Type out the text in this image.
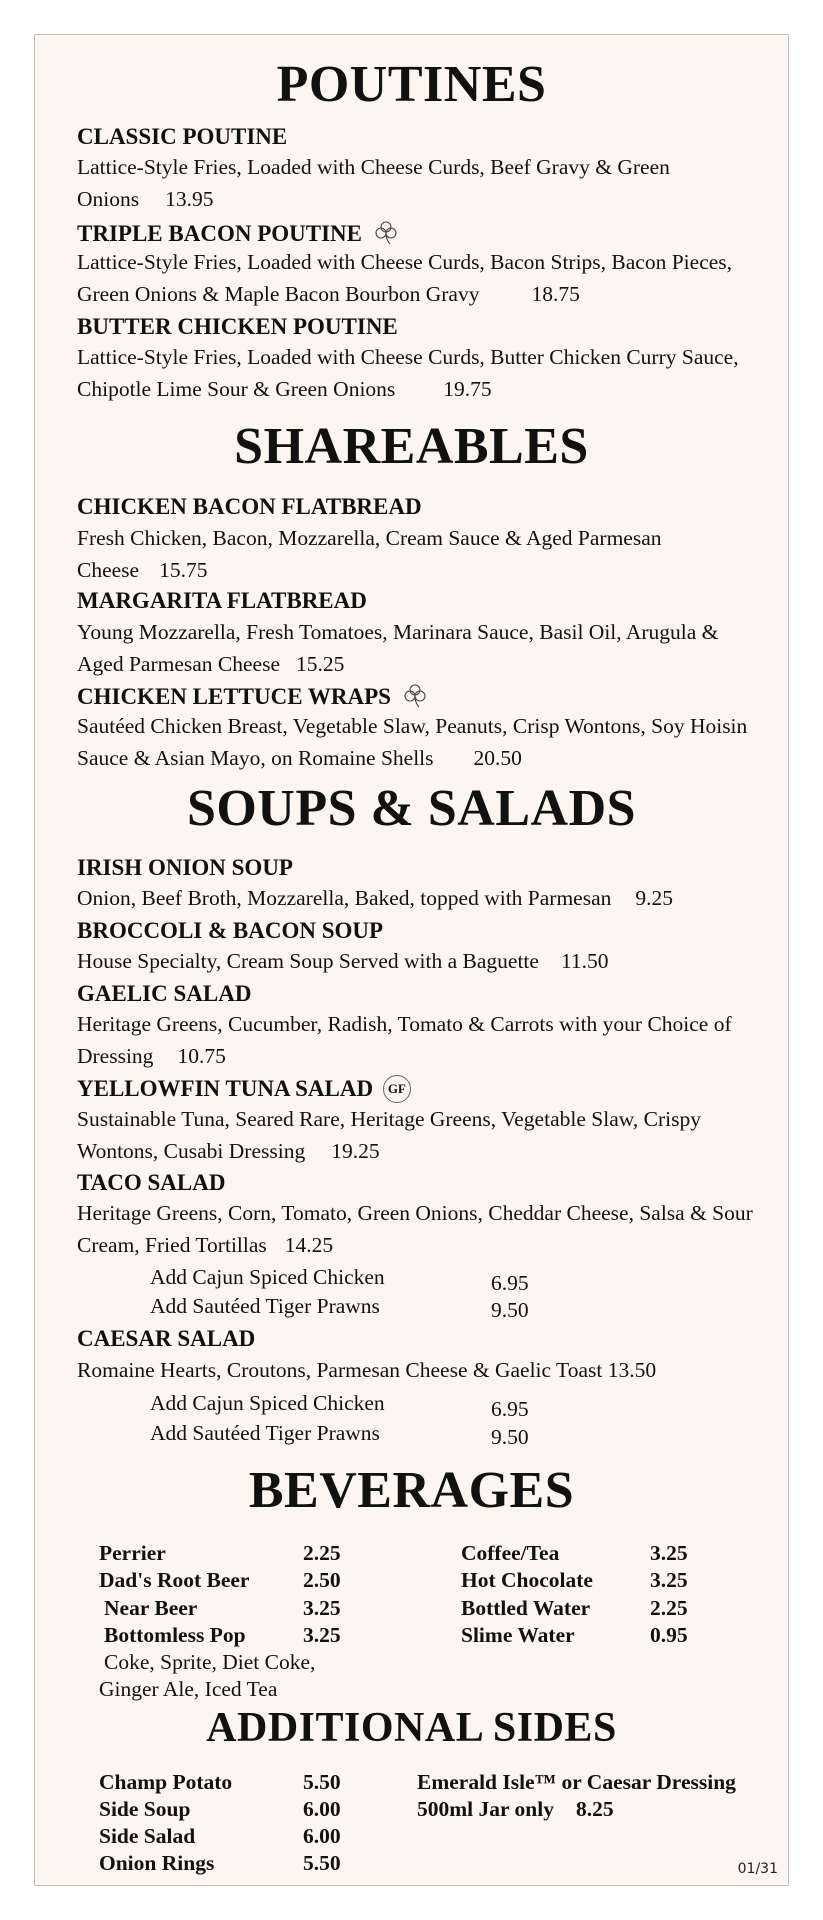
POUTINES
CLASSIC POUTINE
Lattice-Style Fries, Loaded with Cheese Curds, Beef Gravy & Green Onions 13.95
TRIPLE BACON POUTINE
Lattice-Style Fries, Loaded with Cheese Curds, Bacon Strips, Bacon Pieces, Green Onions & Maple Bacon Bourbon Gravy 18.75
BUTTER CHICKEN POUTINE
Lattice-Style Fries, Loaded with Cheese Curds, Butter Chicken Curry Sauce, Chipotle Lime Sour & Green Onions 19.75
SHAREABLES
CHICKEN BACON FLATBREAD
Fresh Chicken, Bacon, Mozzarella, Cream Sauce & Aged Parmesan Cheese 15.75
MARGARITA FLATBREAD
Young Mozzarella, Fresh Tomatoes, Marinara Sauce, Basil Oil, Arugula & Aged Parmesan Cheese 15.25
CHICKEN LETTUCE WRAPS
Sautéed Chicken Breast, Vegetable Slaw, Peanuts, Crisp Wontons, Soy Hoisin Sauce & Asian Mayo, on Romaine Shells 20.50
SOUPS & SALADS
IRISH ONION SOUP
Onion, Beef Broth, Mozzarella, Baked, topped with Parmesan 9.25
BROCCOLI & BACON SOUP
House Specialty, Cream Soup Served with a Baguette 11.50
GAELIC SALAD
Heritage Greens, Cucumber, Radish, Tomato & Carrots with your Choice of Dressing 10.75
YELLOWFIN TUNA SALAD GF
Sustainable Tuna, Seared Rare, Heritage Greens, Vegetable Slaw, Crispy Wontons, Cusabi Dressing 19.25
TACO SALAD
Heritage Greens, Corn, Tomato, Green Onions, Cheddar Cheese, Salsa & Sour Cream, Fried Tortillas 14.25
Add Cajun Spiced Chicken	6.95
Add Sautéed Tiger Prawns	9.50
CAESAR SALAD
Romaine Hearts, Croutons, Parmesan Cheese & Gaelic Toast 13.50
Add Cajun Spiced Chicken	6.95
Add Sautéed Tiger Prawns	9.50
BEVERAGES
Perrier	2.25
Dad's Root Beer 2.50
Near Beer	3.25
Bottomless Pop	3.25
Coke, Sprite, Diet Coke, Ginger Ale, Iced Tea
Coffee/Tea	3.25
Hot Chocolate	3.25
Bottled Water	2.25
Slime Water	0.95
ADDITIONAL SIDES
Champ Potato	5.50
Side Soup	6.00
Side Salad	6.00
Onion Rings	5.50
Emerald Isle™ or Caesar Dressing
500ml Jar only 8.25
01/31
